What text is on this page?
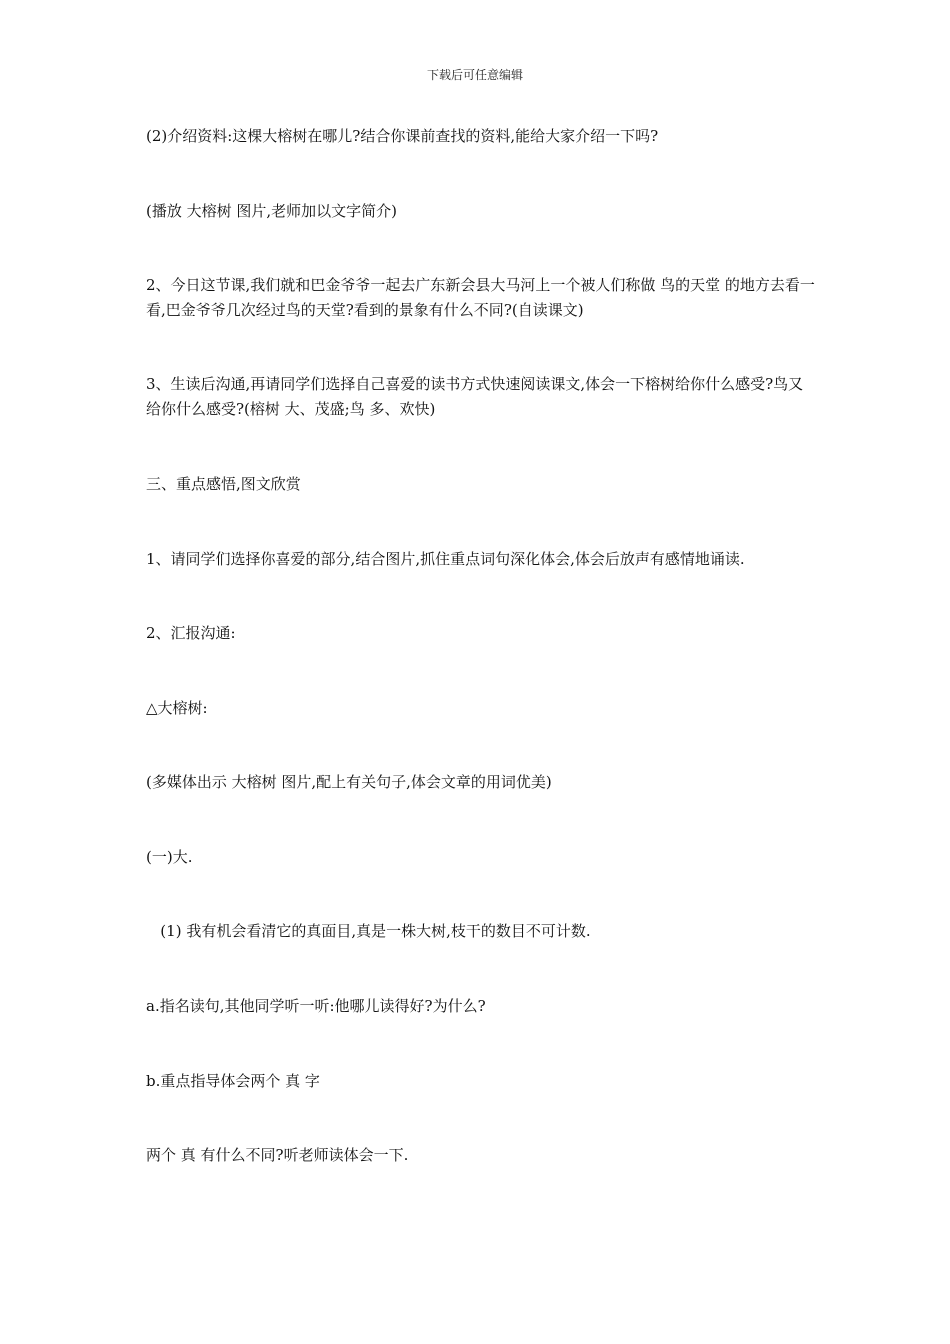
下载后可任意编辑

(2)介绍资料:这棵大榕树在哪儿?结合你课前查找的资料,能给大家介绍一下吗?

(播放 大榕树 图片,老师加以文字简介)

2、今日这节课,我们就和巴金爷爷一起去广东新会县大马河上一个被人们称做 鸟的天堂 的地方去看一看,巴金爷爷几次经过鸟的天堂?看到的景象有什么不同?(自读课文)

3、生读后沟通,再请同学们选择自己喜爱的读书方式快速阅读课文,体会一下榕树给你什么感受?鸟又给你什么感受?(榕树 大、茂盛;鸟 多、欢快)

三、重点感悟,图文欣赏

1、请同学们选择你喜爱的部分,结合图片,抓住重点词句深化体会,体会后放声有感情地诵读.

2、汇报沟通:

△大榕树:

(多媒体出示 大榕树 图片,配上有关句子,体会文章的用词优美)

(一)大.

(1) 我有机会看清它的真面目,真是一株大树,枝干的数目不可计数.

a.指名读句,其他同学听一听:他哪儿读得好?为什么?

b.重点指导体会两个 真 字

两个 真 有什么不同?听老师读体会一下.
